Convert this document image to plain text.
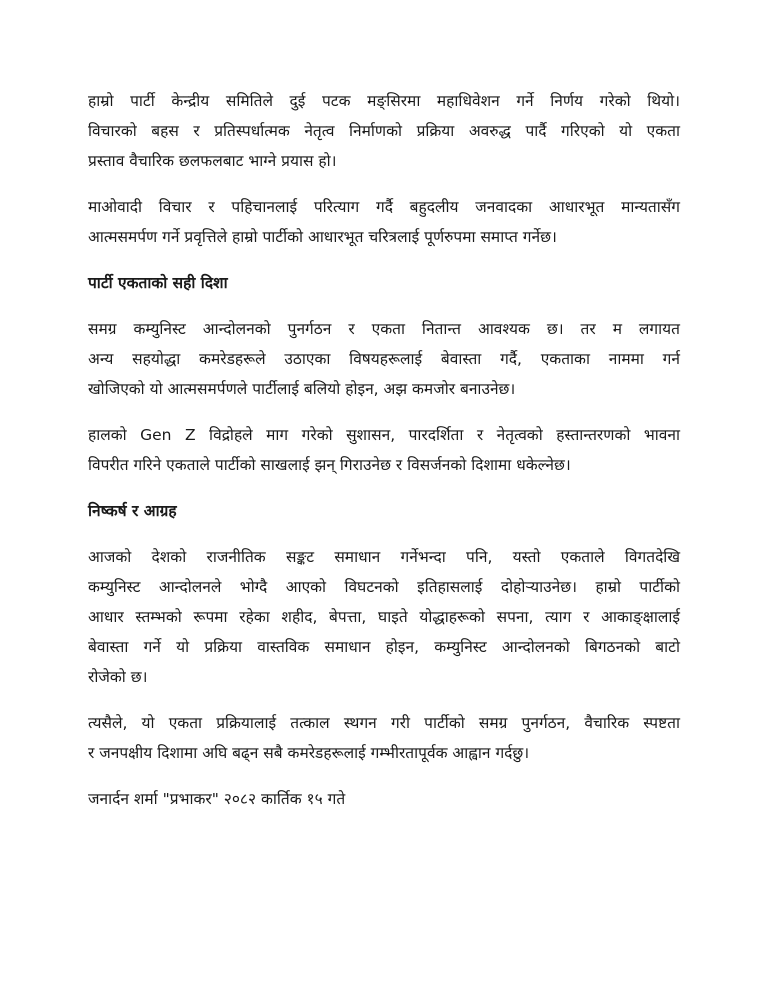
हाम्रो पार्टी केन्द्रीय समितिले दुई पटक मङ्सिरमा महाधिवेशन गर्ने निर्णय गरेको थियो।
विचारको बहस र प्रतिस्पर्धात्मक नेतृत्व निर्माणको प्रक्रिया अवरुद्ध पार्दै गरिएको यो एकता
प्रस्ताव वैचारिक छलफलबाट भाग्ने प्रयास हो।

माओवादी विचार र पहिचानलाई परित्याग गर्दै बहुदलीय जनवादका आधारभूत मान्यतासँग
आत्मसमर्पण गर्ने प्रवृत्तिले हाम्रो पार्टीको आधारभूत चरित्रलाई पूर्णरुपमा समाप्त गर्नेछ।

पार्टी एकताको सही दिशा

समग्र कम्युनिस्ट आन्दोलनको पुनर्गठन र एकता नितान्त आवश्यक छ। तर म लगायत
अन्य सहयोद्धा कमरेडहरूले उठाएका विषयहरूलाई बेवास्ता गर्दै, एकताका नाममा गर्न
खोजिएको यो आत्मसमर्पणले पार्टीलाई बलियो होइन, अझ कमजोर बनाउनेछ।

हालको Gen Z विद्रोहले माग गरेको सुशासन, पारदर्शिता र नेतृत्वको हस्तान्तरणको भावना
विपरीत गरिने एकताले पार्टीको साखलाई झन् गिराउनेछ र विसर्जनको दिशामा धकेल्नेछ।

निष्कर्ष र आग्रह

आजको देशको राजनीतिक सङ्कट समाधान गर्नेभन्दा पनि, यस्तो एकताले विगतदेखि
कम्युनिस्ट आन्दोलनले भोग्दै आएको विघटनको इतिहासलाई दोहोऱ्याउनेछ। हाम्रो पार्टीको
आधार स्तम्भको रूपमा रहेका शहीद, बेपत्ता, घाइते योद्धाहरूको सपना, त्याग र आकाङ्क्षालाई
बेवास्ता गर्ने यो प्रक्रिया वास्तविक समाधान होइन, कम्युनिस्ट आन्दोलनको बिगठनको बाटो
रोजेको छ।

त्यसैले, यो एकता प्रक्रियालाई तत्काल स्थगन गरी पार्टीको समग्र पुनर्गठन, वैचारिक स्पष्टता
र जनपक्षीय दिशामा अघि बढ्न सबै कमरेडहरूलाई गम्भीरतापूर्वक आह्वान गर्दछु।

जनार्दन शर्मा "प्रभाकर" २०८२ कार्तिक १५ गते
